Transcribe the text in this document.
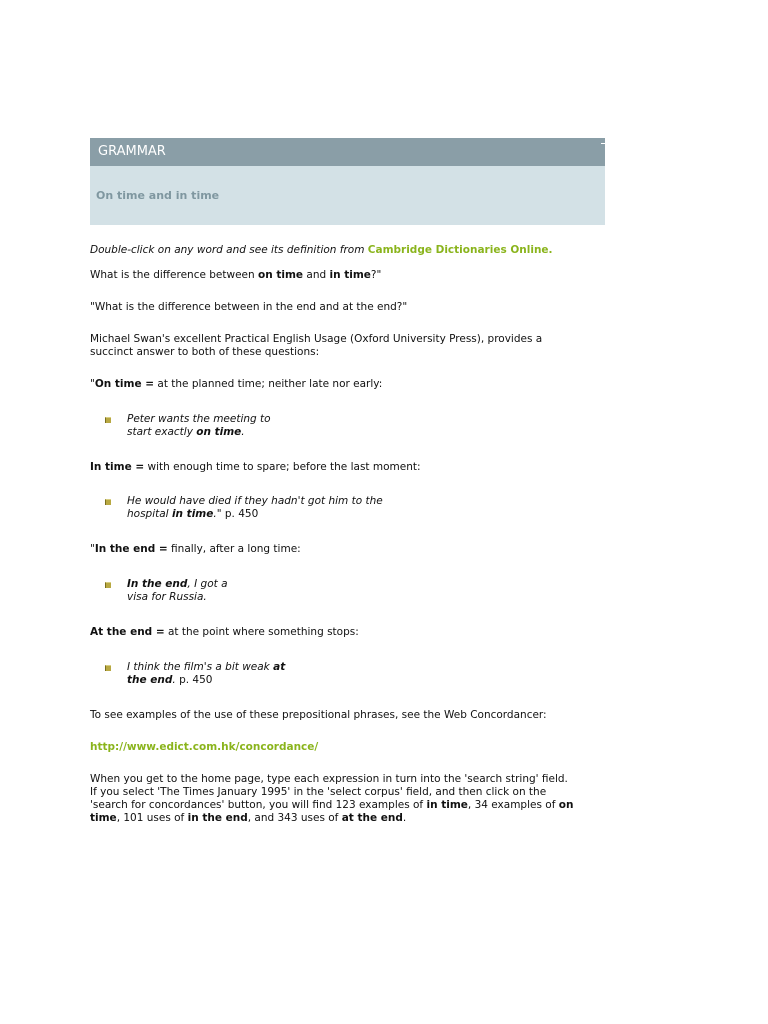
GRAMMAR
On time and in time

Double-click on any word and see its definition from Cambridge Dictionaries Online.

What is the difference between on time and in time?"

"What is the difference between in the end and at the end?"

Michael Swan's excellent Practical English Usage (Oxford University Press), provides a
succinct answer to both of these questions:

"On time = at the planned time; neither late nor early:

Peter wants the meeting to
start exactly on time.

In time = with enough time to spare; before the last moment:

He would have died if they hadn't got him to the
hospital in time." p. 450

"In the end = finally, after a long time:

In the end, I got a
visa for Russia.

At the end = at the point where something stops:

I think the film's a bit weak at
the end. p. 450

To see examples of the use of these prepositional phrases, see the Web Concordancer:

http://www.edict.com.hk/concordance/

When you get to the home page, type each expression in turn into the 'search string' field.
If you select 'The Times January 1995' in the 'select corpus' field, and then click on the
'search for concordances' button, you will find 123 examples of in time, 34 examples of on
time, 101 uses of in the end, and 343 uses of at the end.
